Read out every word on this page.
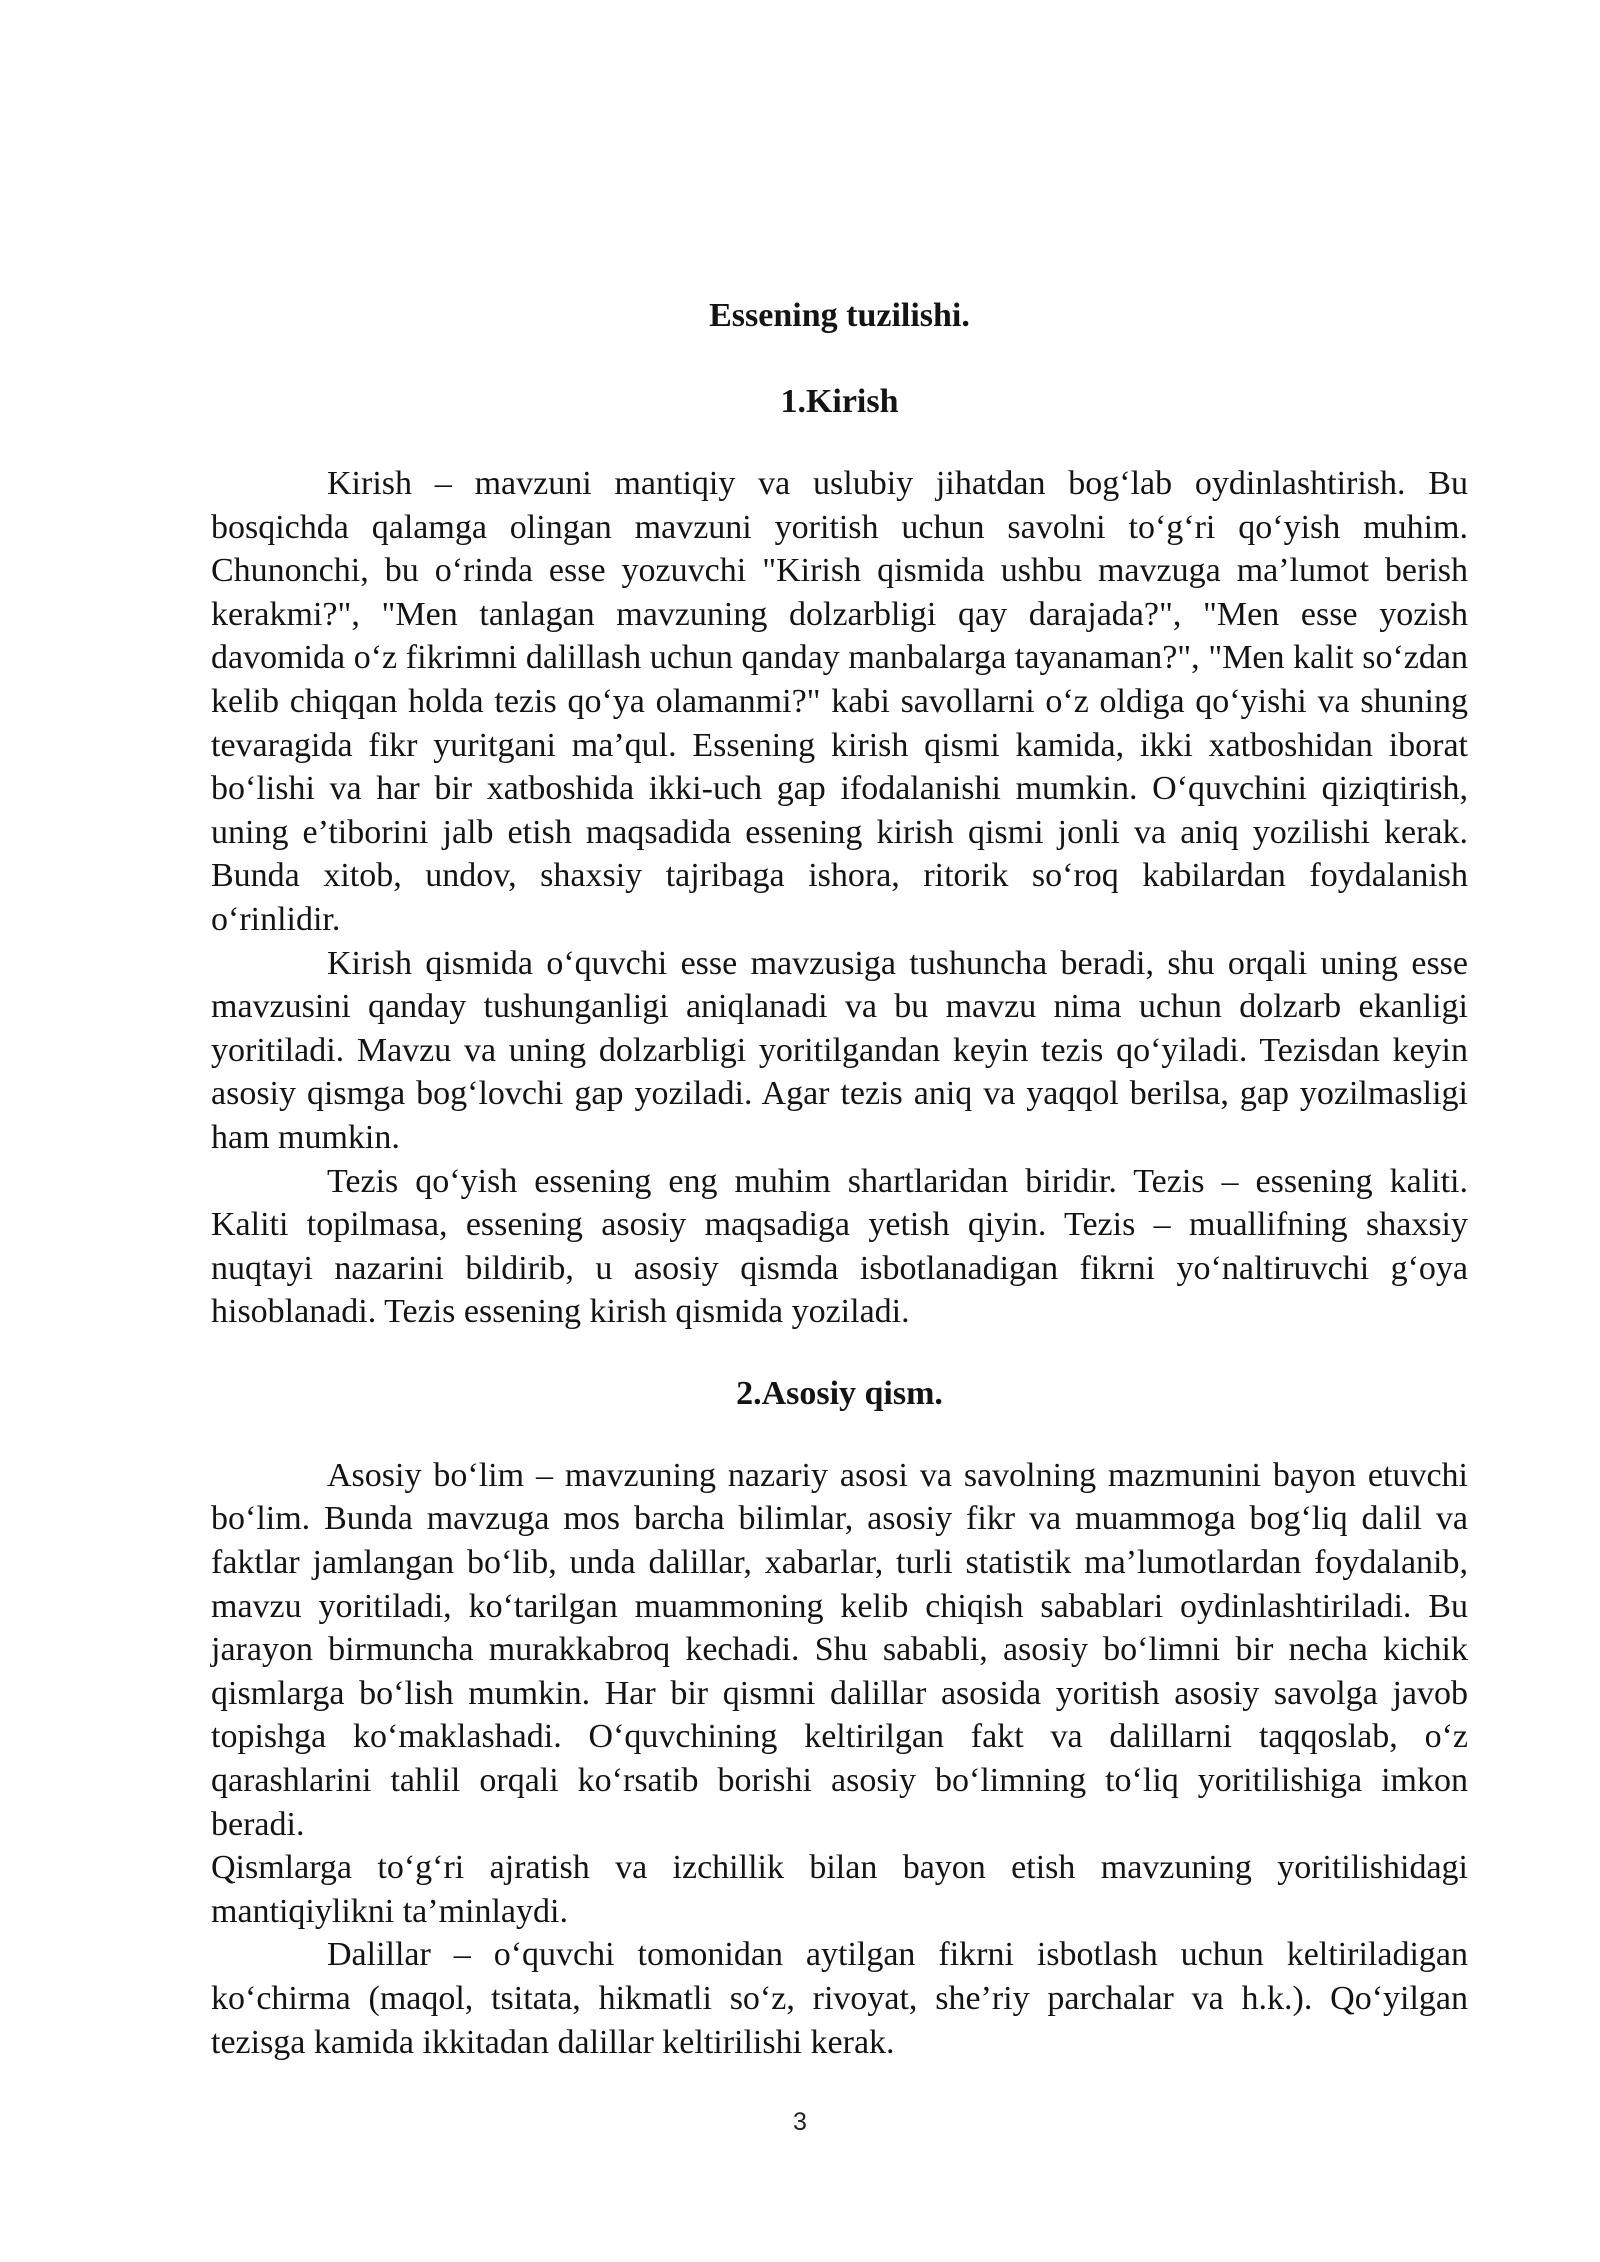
Essening tuzilishi.
1.Kirish

Kirish – mavzuni mantiqiy va uslubiy jihatdan bog‘lab oydinlashtirish. Bu bosqichda qalamga olingan mavzuni yoritish uchun savolni to‘g‘ri qo‘yish muhim. Chunonchi, bu o‘rinda esse yozuvchi "Kirish qismida ushbu mavzuga ma’lumot berish kerakmi?", "Men tanlagan mavzuning dolzarbligi qay darajada?", "Men esse yozish davomida o‘z fikrimni dalillash uchun qanday manbalarga tayanaman?", "Men kalit so‘zdan kelib chiqqan holda tezis qo‘ya olamanmi?" kabi savollarni o‘z oldiga qo‘yishi va shuning tevaragida fikr yuritgani ma’qul. Essening kirish qismi kamida, ikki xatboshidan iborat bo‘lishi va har bir xatboshida ikki-uch gap ifodalanishi mumkin. O‘quvchini qiziqtirish, uning e’tiborini jalb etish maqsadida essening kirish qismi jonli va aniq yozilishi kerak. Bunda xitob, undov, shaxsiy tajribaga ishora, ritorik so‘roq kabilardan foydalanish o‘rinlidir.

Kirish qismida o‘quvchi esse mavzusiga tushuncha beradi, shu orqali uning esse mavzusini qanday tushunganligi aniqlanadi va bu mavzu nima uchun dolzarb ekanligi yoritiladi. Mavzu va uning dolzarbligi yoritilgandan keyin tezis qo‘yiladi. Tezisdan keyin asosiy qismga bog‘lovchi gap yoziladi. Agar tezis aniq va yaqqol berilsa, gap yozilmasligi ham mumkin.

Tezis qo‘yish essening eng muhim shartlaridan biridir. Tezis – essening kaliti. Kaliti topilmasa, essening asosiy maqsadiga yetish qiyin. Tezis – muallifning shaxsiy nuqtayi nazarini bildirib, u asosiy qismda isbotlanadigan fikrni yo‘naltiruvchi g‘oya hisoblanadi. Tezis essening kirish qismida yoziladi.

2.Asosiy qism.

Asosiy bo‘lim – mavzuning nazariy asosi va savolning mazmunini bayon etuvchi bo‘lim. Bunda mavzuga mos barcha bilimlar, asosiy fikr va muammoga bog‘liq dalil va faktlar jamlangan bo‘lib, unda dalillar, xabarlar, turli statistik ma’lumotlardan foydalanib, mavzu yoritiladi, ko‘tarilgan muammoning kelib chiqish sabablari oydinlashtiriladi. Bu jarayon birmuncha murakkabroq kechadi. Shu sababli, asosiy bo‘limni bir necha kichik qismlarga bo‘lish mumkin. Har bir qismni dalillar asosida yoritish asosiy savolga javob topishga ko‘maklashadi. O‘quvchining keltirilgan fakt va dalillarni taqqoslab, o‘z qarashlarini tahlil orqali ko‘rsatib borishi asosiy bo‘limning to‘liq yoritilishiga imkon beradi.

Qismlarga to‘g‘ri ajratish va izchillik bilan bayon etish mavzuning yoritilishidagi mantiqiylikni ta’minlaydi.

Dalillar – o‘quvchi tomonidan aytilgan fikrni isbotlash uchun keltiriladigan ko‘chirma (maqol, tsitata, hikmatli so‘z, rivoyat, she’riy parchalar va h.k.). Qo‘yilgan tezisga kamida ikkitadan dalillar keltirilishi kerak.

3
